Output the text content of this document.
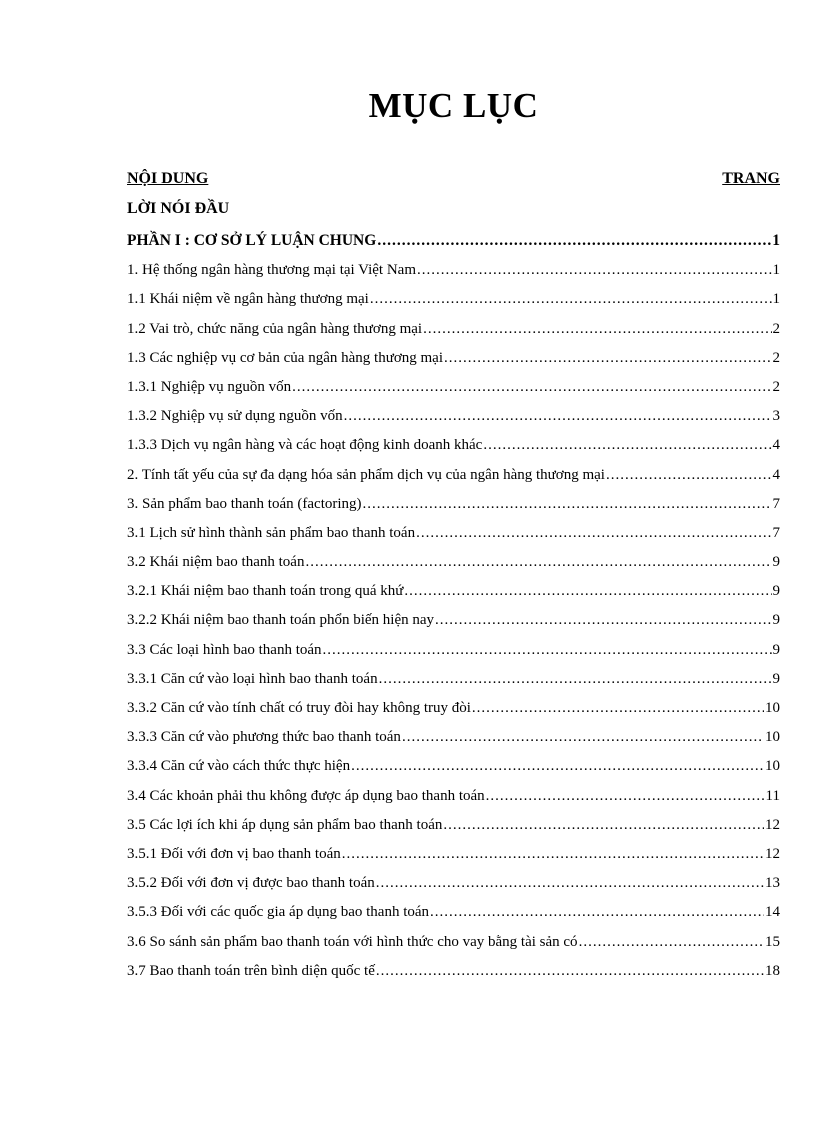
MỤC LỤC
NỘI DUNG	TRANG
LỜI NÓI ĐẦU
PHẦN I : CƠ SỞ LÝ LUẬN CHUNG .....	1
1. Hệ thống ngân hàng thương mại tại Việt Nam .....	1
1.1 Khái niệm về ngân hàng thương mại .....	1
1.2 Vai trò, chức năng của ngân hàng thương mại .....	2
1.3 Các nghiệp vụ cơ bản của ngân hàng thương mại .....	2
1.3.1 Nghiệp vụ nguồn vốn .....	2
1.3.2 Nghiệp vụ sử dụng nguồn vốn .....	3
1.3.3 Dịch vụ ngân hàng và các hoạt động kinh doanh khác .....	4
2. Tính tất yếu của sự đa dạng hóa sản phẩm dịch vụ của ngân hàng thương mại .....	4
3. Sản phẩm bao thanh toán (factoring) .....	7
3.1 Lịch sử hình thành sản phẩm bao thanh toán .....	7
3.2 Khái niệm bao thanh toán .....	9
3.2.1 Khái niệm bao thanh toán trong quá khứ .....	9
3.2.2 Khái niệm bao thanh toán phổn biến hiện nay .....	9
3.3 Các loại hình bao thanh toán .....	9
3.3.1 Căn cứ vào loại hình bao thanh toán .....	9
3.3.2 Căn cứ vào tính chất có truy đòi hay không truy đòi .....	10
3.3.3 Căn cứ vào phương thức bao thanh toán .....	10
3.3.4 Căn cứ vào cách thức thực hiện .....	10
3.4 Các khoản phải thu không được áp dụng bao thanh toán .....	11
3.5 Các lợi ích khi áp dụng sản phẩm bao thanh toán .....	12
3.5.1 Đối với đơn vị bao thanh toán .....	12
3.5.2 Đối với đơn vị được bao thanh toán .....	13
3.5.3 Đối với các quốc gia áp dụng bao thanh toán .....	14
3.6 So sánh sản phẩm bao thanh toán với hình thức cho vay bằng tài sản có .....	15
3.7 Bao thanh toán trên bình diện quốc tế .....	18
